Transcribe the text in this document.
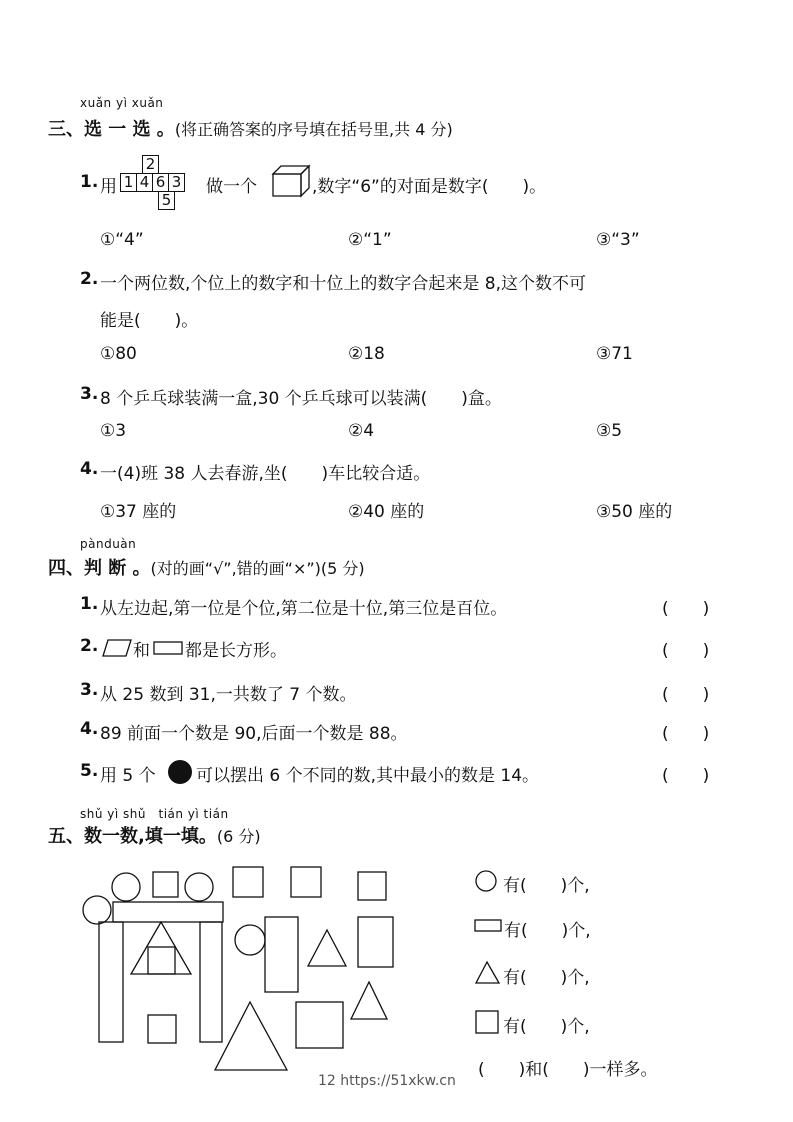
xuǎn yì xuǎn
三、选 一 选 。(将正确答案的序号填在括号里,共 4 分)
1. 用
2
1 4 6 3
5
做一个	,数字“6”的对面是数字(　　)。
①“4”	②“1”	③“3”
2. 一个两位数,个位上的数字和十位上的数字合起来是 8,这个数不可
能是(　　)。
①80	②18	③71
3. 8 个乒乓球装满一盒,30 个乒乓球可以装满(　　)盒。
①3	②4	③5
4. 一(4)班 38 人去春游,坐(　　)车比较合适。
①37 座的	②40 座的	③50 座的
pànduàn
四、判 断 。(对的画“√”,错的画“×”)(5 分)
1. 从左边起,第一位是个位,第二位是十位,第三位是百位。	(　　)
2. 和 都是长方形。	(　　)
3. 从 25 数到 31,一共数了 7 个数。	(　　)
4. 89 前面一个数是 90,后面一个数是 88。	(　　)
5. 用 5 个 可以摆出 6 个不同的数,其中最小的数是 14。	(　　)
shǔ yì shǔ　tián yì tián
五、数一数,填一填。(6 分)
有(　　)个,
有(　　)个,
有(　　)个,
有(　　)个,
(　　)和(　　)一样多。
12 https://51xkw.cn
